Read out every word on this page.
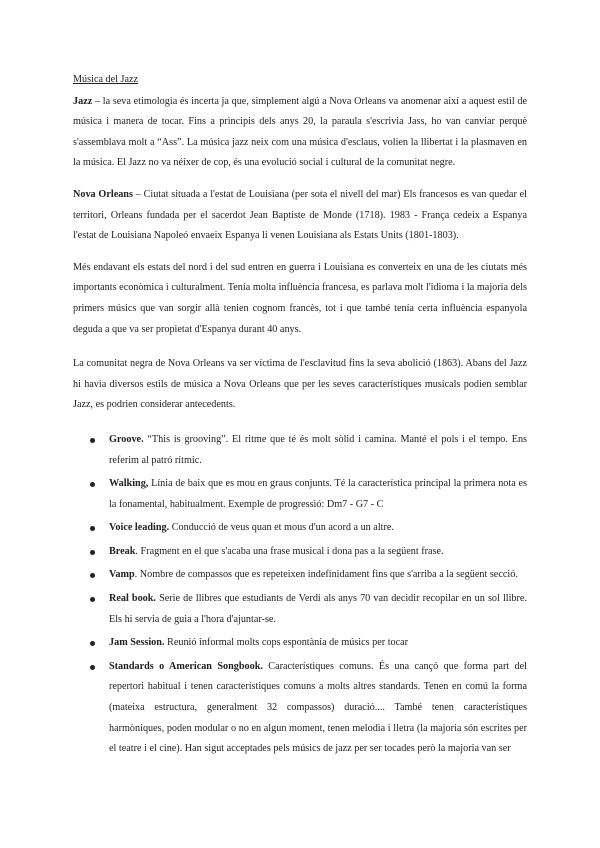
Música del Jazz

Jazz – la seva etimologia és incerta ja que, simplement algú a Nova Orleans va anomenar així a aquest estil de música i manera de tocar. Fins a principis dels anys 20, la paraula s'escrivia Jass, ho van canviar perquè s'assemblava molt a “Ass”. La música jazz neix com una música d'esclaus, volien la llibertat i la plasmaven en la música. El Jazz no va néixer de cop, és una evolució social i cultural de la comunitat negre.

Nova Orleans – Ciutat situada a l'estat de Louisiana (per sota el nivell del mar) Els francesos es van quedar el territori, Orleans fundada per el sacerdot Jean Baptiste de Monde (1718). 1983 - França cedeix a Espanya l'estat de Louisiana Napoleó envaeix Espanya li venen Louisiana als Estats Units (1801-1803).

Més endavant els estats del nord i del sud entren en guerra i Louisiana es converteix en una de les ciutats més importants econòmica i culturalment. Tenía molta influència francesa, es parlava molt l'idioma i la majoría dels primers músics que van sorgir allà tenien cognom francès, tot i que també tenía certa influència espanyola deguda a que va ser propietat d'Espanya durant 40 anys.

La comunitat negra de Nova Orleans va ser víctima de l'esclavitud fins la seva abolició (1863). Abans del Jazz hi havia diversos estils de música a Nova Orleans que per les seves característiques musicals podien semblar Jazz, es podrien considerar antecedents.

Groove. “This is grooving”. El ritme que té és molt sòlid i camina. Manté el pols i el tempo. Ens referim al patró rítmic.
Walking, Línia de baix que es mou en graus conjunts. Té la característica principal la primera nota es la fonamental, habitualment. Exemple de progressió: Dm7 - G7 - C
Voice leading. Conducció de veus quan et mous d'un acord a un altre.
Break. Fragment en el que s'acaba una frase musical i dona pas a la següent frase.
Vamp. Nombre de compassos que es repeteixen indefinidament fins que s'arriba a la següent secció.
Real book. Serie de llibres que estudiants de Verdi als anys 70 van decidir recopilar en un sol llibre. Els hi servia de guia a l'hora d'ajuntar-se.
Jam Session. Reunió informal molts cops espontània de músics per tocar
Standards o American Songbook. Característiques comuns. És una cançó que forma part del repertori habitual i tenen característiques comuns a molts altres standards. Tenen en comú la forma (mateixa estructura, generalment 32 compassos) duració.... També tenen característiques harmòniques, poden modular o no en algun moment, tenen melodia i lletra (la majoria són escrites per el teatre i el cine). Han sigut acceptades pels músics de jazz per ser tocades però la majoria van ser
